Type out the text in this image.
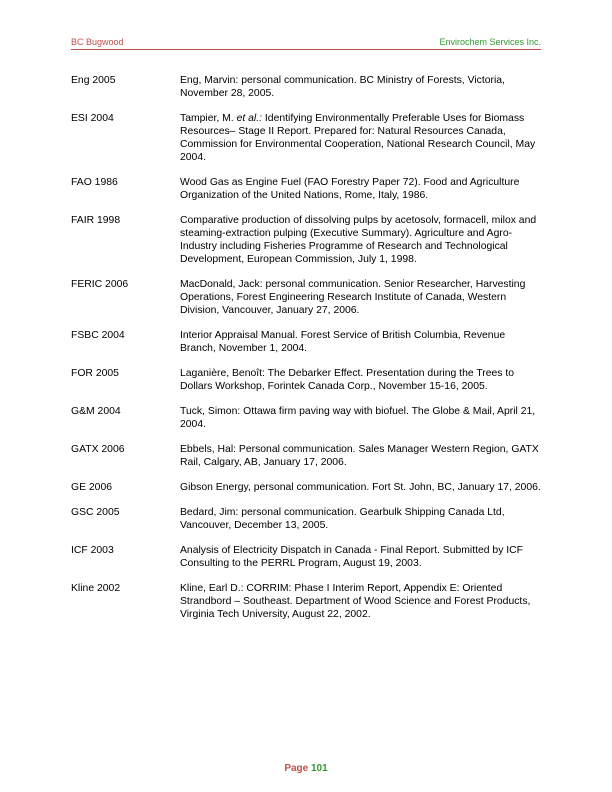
BC Bugwood	Envirochem Services Inc.
Eng 2005	Eng, Marvin: personal communication. BC Ministry of Forests, Victoria, November 28, 2005.
ESI 2004	Tampier, M. et al.: Identifying Environmentally Preferable Uses for Biomass Resources– Stage II Report. Prepared for: Natural Resources Canada, Commission for Environmental Cooperation, National Research Council, May 2004.
FAO 1986	Wood Gas as Engine Fuel (FAO Forestry Paper 72). Food and Agriculture Organization of the United Nations, Rome, Italy, 1986.
FAIR 1998	Comparative production of dissolving pulps by acetosolv, formacell, milox and steaming-extraction pulping (Executive Summary). Agriculture and Agro-Industry including Fisheries Programme of Research and Technological Development, European Commission, July 1, 1998.
FERIC 2006	MacDonald, Jack: personal communication. Senior Researcher, Harvesting Operations, Forest Engineering Research Institute of Canada, Western Division, Vancouver, January 27, 2006.
FSBC 2004	Interior Appraisal Manual. Forest Service of British Columbia, Revenue Branch, November 1, 2004.
FOR 2005	Laganière, Benoît: The Debarker Effect. Presentation during the Trees to Dollars Workshop, Forintek Canada Corp., November 15-16, 2005.
G&M 2004	Tuck, Simon: Ottawa firm paving way with biofuel. The Globe & Mail, April 21, 2004.
GATX 2006	Ebbels, Hal: Personal communication. Sales Manager Western Region, GATX Rail, Calgary, AB, January 17, 2006.
GE 2006	Gibson Energy, personal communication. Fort St. John, BC, January 17, 2006.
GSC 2005	Bedard, Jim: personal communication. Gearbulk Shipping Canada Ltd, Vancouver, December 13, 2005.
ICF 2003	Analysis of Electricity Dispatch in Canada - Final Report. Submitted by ICF Consulting to the PERRL Program, August 19, 2003.
Kline 2002	Kline, Earl D.: CORRIM: Phase I Interim Report, Appendix E: Oriented Strandbord – Southeast. Department of Wood Science and Forest Products, Virginia Tech University, August 22, 2002.
Page 101
